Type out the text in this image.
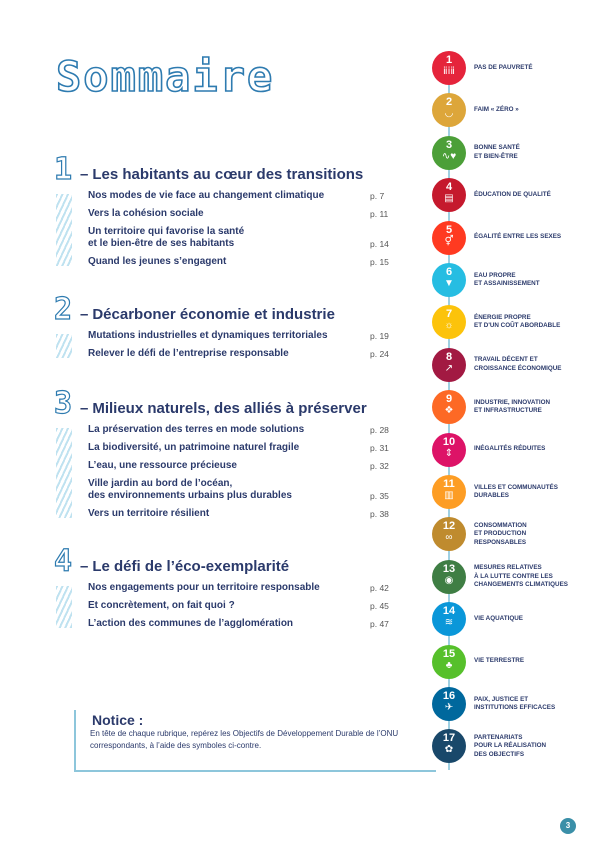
Sommaire
1 – Les habitants au cœur des transitions
Nos modes de vie face au changement climatique	p. 7
Vers la cohésion sociale	p. 11
Un territoire qui favorise la santé
et le bien-être de ses habitants	p. 14
Quand les jeunes s’engagent	p. 15
2 – Décarboner économie et industrie
Mutations industrielles et dynamiques territoriales	p. 19
Relever le défi de l’entreprise responsable	p. 24
3 – Milieux naturels, des alliés à préserver
La préservation des terres en mode solutions	p. 28
La biodiversité, un patrimoine naturel fragile	p. 31
L’eau, une ressource précieuse	p. 32
Ville jardin au bord de l’océan,
des environnements urbains plus durables	p. 35
Vers un territoire résilient	p. 38
4 – Le défi de l’éco-exemplarité
Nos engagements pour un territoire responsable	p. 42
Et concrètement, on fait quoi ?	p. 45
L’action des communes de l’agglomération	p. 47
Notice :
En tête de chaque rubrique, repérez les Objectifs de Développement Durable de l’ONU correspondants, à l’aide des symboles ci-contre.
1
ⅱⅰⅱ	PAS DE PAUVRETÉ
2
◡	FAIM « ZÉRO »
3
∿♥
BONNE SANTÉ
ET BIEN-ÊTRE
4
▤	ÉDUCATION DE QUALITÉ
5
⚥	ÉGALITÉ ENTRE LES SEXES
6
▼
EAU PROPRE
ET ASSAINISSEMENT
7
☼
ÉNERGIE PROPRE
ET D'UN COÛT ABORDABLE
8
↗
TRAVAIL DÉCENT ET
CROISSANCE ÉCONOMIQUE
9
❖
INDUSTRIE, INNOVATION
ET INFRASTRUCTURE
10
⇕	INÉGALITÉS RÉDUITES
11
▥
VILLES ET COMMUNAUTÉS
DURABLES
12
∞
CONSOMMATION
ET PRODUCTION
RESPONSABLES
13
◉
MESURES RELATIVES
À LA LUTTE CONTRE LES
CHANGEMENTS CLIMATIQUES
14
≋	VIE AQUATIQUE
15
♣	VIE TERRESTRE
16
✈
PAIX, JUSTICE ET
INSTITUTIONS EFFICACES
17
✿
PARTENARIATS
POUR LA RÉALISATION
DES OBJECTIFS
3
